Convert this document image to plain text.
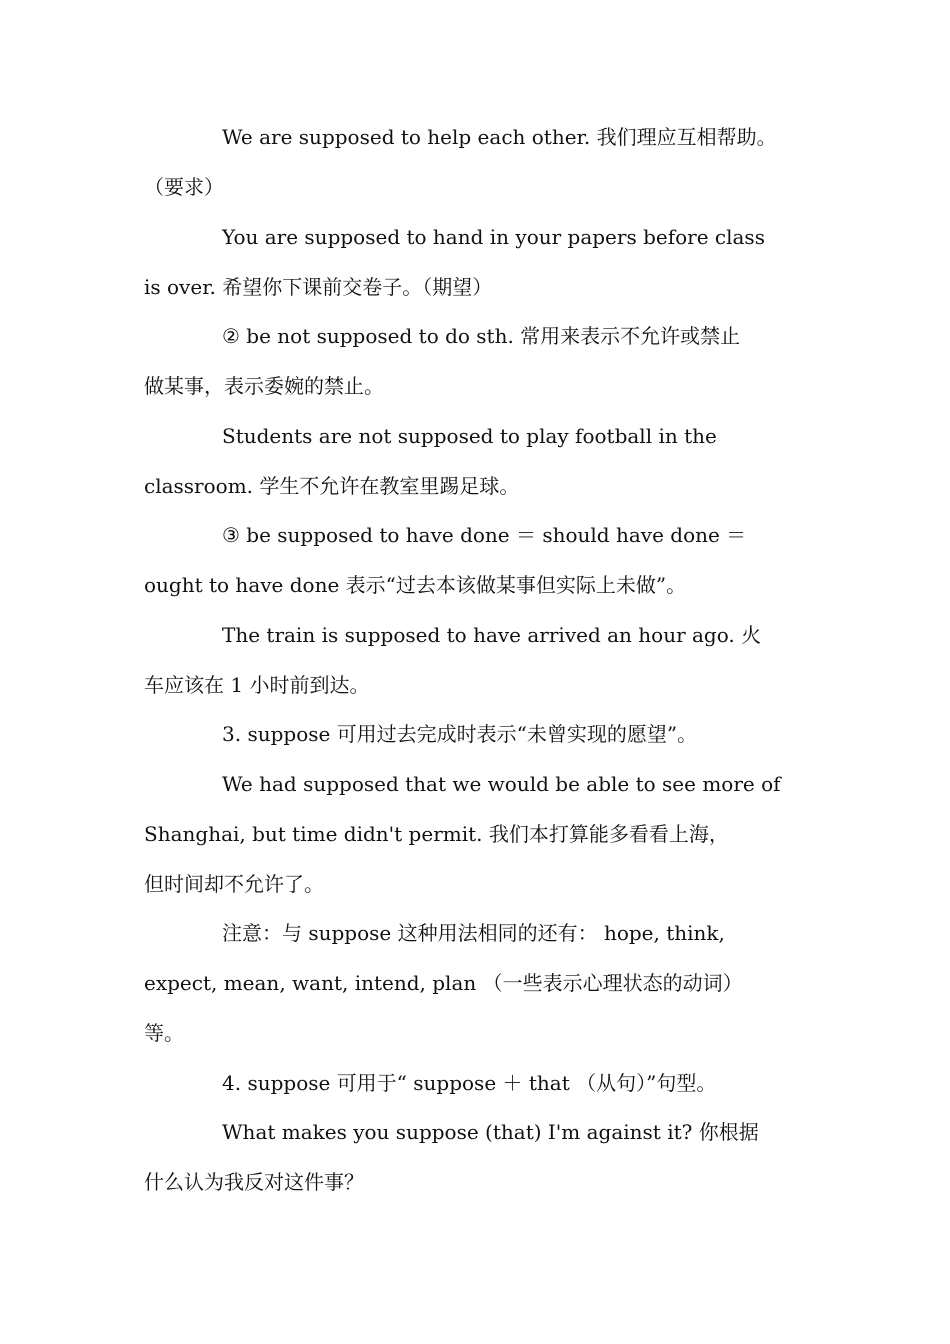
We are supposed to help each other. 我们理应互相帮助。
（要求）
You are supposed to hand in your papers before class
is over. 希望你下课前交卷子。（期望）
② be not supposed to do sth. 常用来表示不允许或禁止
做某事，表示委婉的禁止。
Students are not supposed to play football in the
classroom. 学生不允许在教室里踢足球。
③ be supposed to have done ＝ should have done ＝
ought to have done 表示“过去本该做某事但实际上未做”。
The train is supposed to have arrived an hour ago. 火
车应该在 1 小时前到达。
3. suppose 可用过去完成时表示“未曾实现的愿望”。
We had supposed that we would be able to see more of
Shanghai, but time didn't permit. 我们本打算能多看看上海，
但时间却不允许了。
注意：与 suppose 这种用法相同的还有： hope, think,
expect, mean, want, intend, plan （一些表示心理状态的动词）
等。
4. suppose 可用于“ suppose ＋ that （从句）”句型。
What makes you suppose (that) I'm against it? 你根据
什么认为我反对这件事？
